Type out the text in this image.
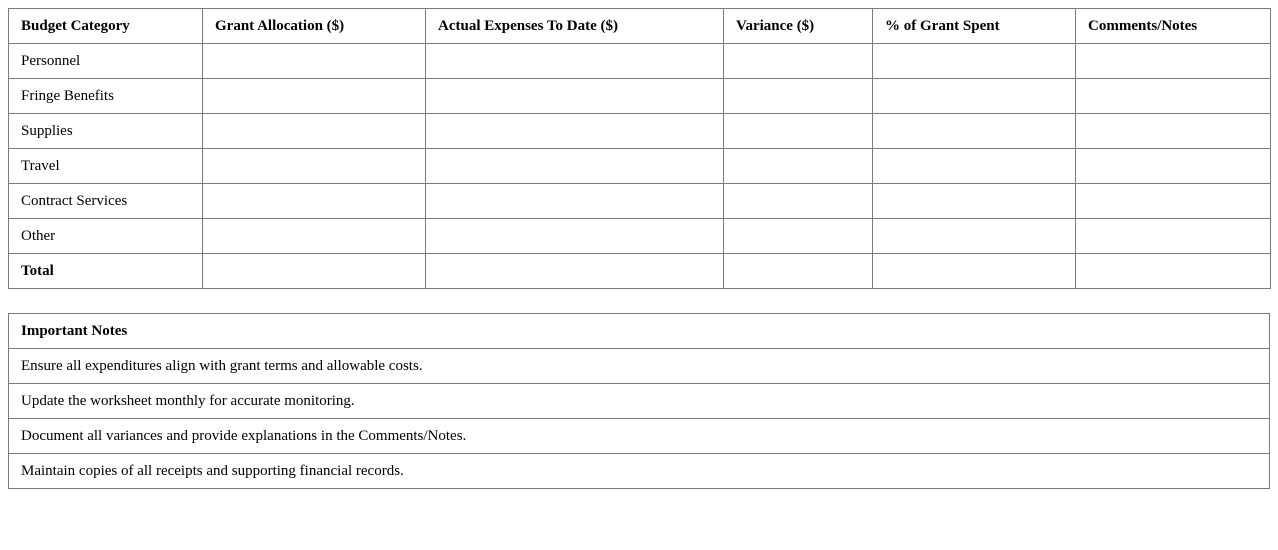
Budget Category	Grant Allocation ($)	Actual Expenses To Date ($)	Variance ($)	% of Grant Spent	Comments/Notes
Personnel					
Fringe Benefits					
Supplies					
Travel					
Contract Services					
Other					
Total					
Important Notes
Ensure all expenditures align with grant terms and allowable costs.
Update the worksheet monthly for accurate monitoring.
Document all variances and provide explanations in the Comments/Notes.
Maintain copies of all receipts and supporting financial records.
